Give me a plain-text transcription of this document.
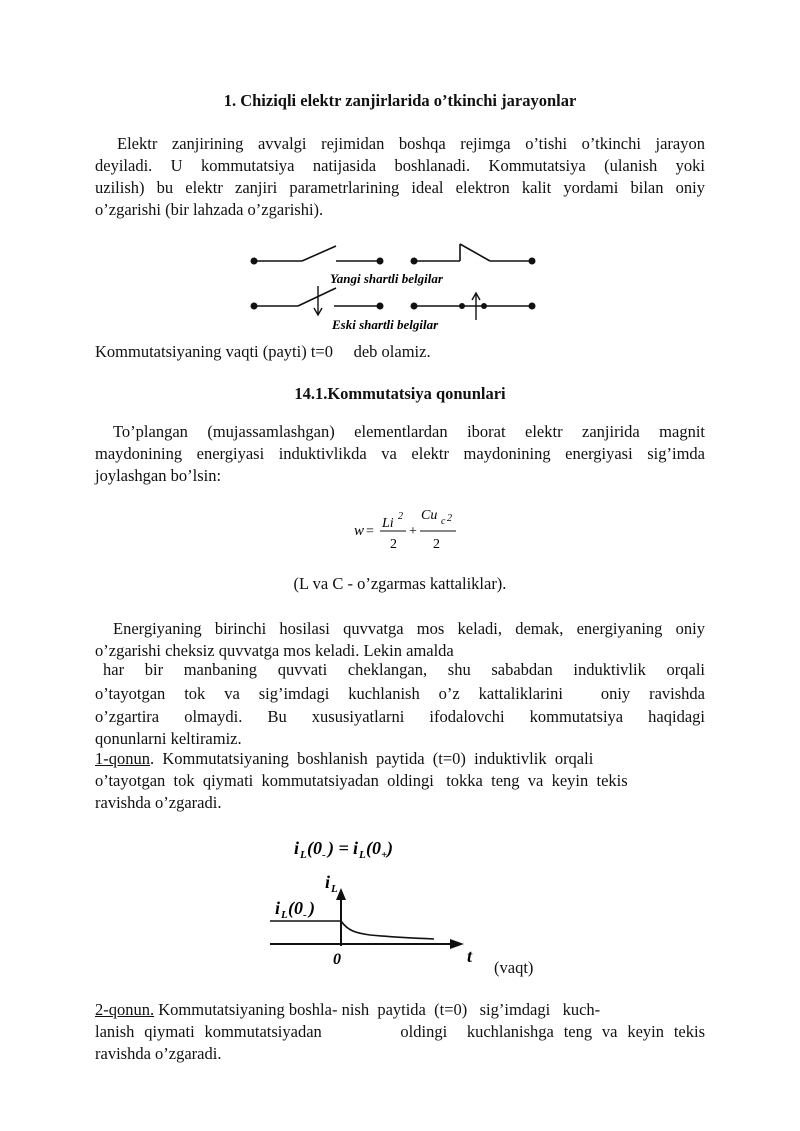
1. Chiziqli elektr zanjirlarida o’tkinchi jarayonlar
Elektr zanjirining avvalgi rejimidan boshqa rejimga o’tishi o’tkinchi jarayon
deyiladi. U kommutatsiya natijasida boshlanadi. Kommutatsiya (ulanish yoki
uzilish) bu elektr zanjiri parametrlarining ideal elektron kalit yordami bilan oniy
o’zgarishi (bir lahzada o’zgarishi).
Yangi shartli belgilar
Eski shartli belgilar
Kommutatsiyaning vaqti (payti) t=0     deb olamiz.
14.1.Kommutatsiya qonunlari
To’plangan (mujassamlashgan) elementlardan iborat elektr zanjirida magnit
maydonining energiyasi induktivlikda va elektr maydonining energiyasi sig’imda
joylashgan bo’lsin:
w =
Li 2
2
+
Cu c 2
2
(L va C - o’zgarmas kattaliklar).
Energiyaning birinchi hosilasi quvvatga mos keladi, demak, energiyaning oniy
o’zgarishi cheksiz quvvatga mos keladi. Lekin amalda
har bir manbaning quvvati cheklangan, shu sababdan induktivlik orqali
o’tayotgan  tok  va  sig’imdagi  kuchlanish  o’z  kattaliklarini    oniy  ravishda
o’zgartira olmaydi. Bu xususiyatlarni ifodalovchi kommutatsiya haqidagi
qonunlarni keltiramiz.
1-qonun.  Kommutatsiyaning  boshlanish  paytida  (t=0)  induktivlik  orqali
o’tayotgan  tok  qiymati  kommutatsiyadan  oldingi   tokka  teng  va  keyin  tekis
ravishda o’zgaradi.
i L (0 - ) = i L (0 + )
i L
i L (0 - )
0	t
(vaqt)
2-qonun. Kommutatsiyaning boshla- nish  paytida  (t=0)   sig’imdagi   kuch-
lanish qiymati kommutatsiyadan        oldingi  kuchlanishga teng va keyin tekis
ravishda o’zgaradi.
